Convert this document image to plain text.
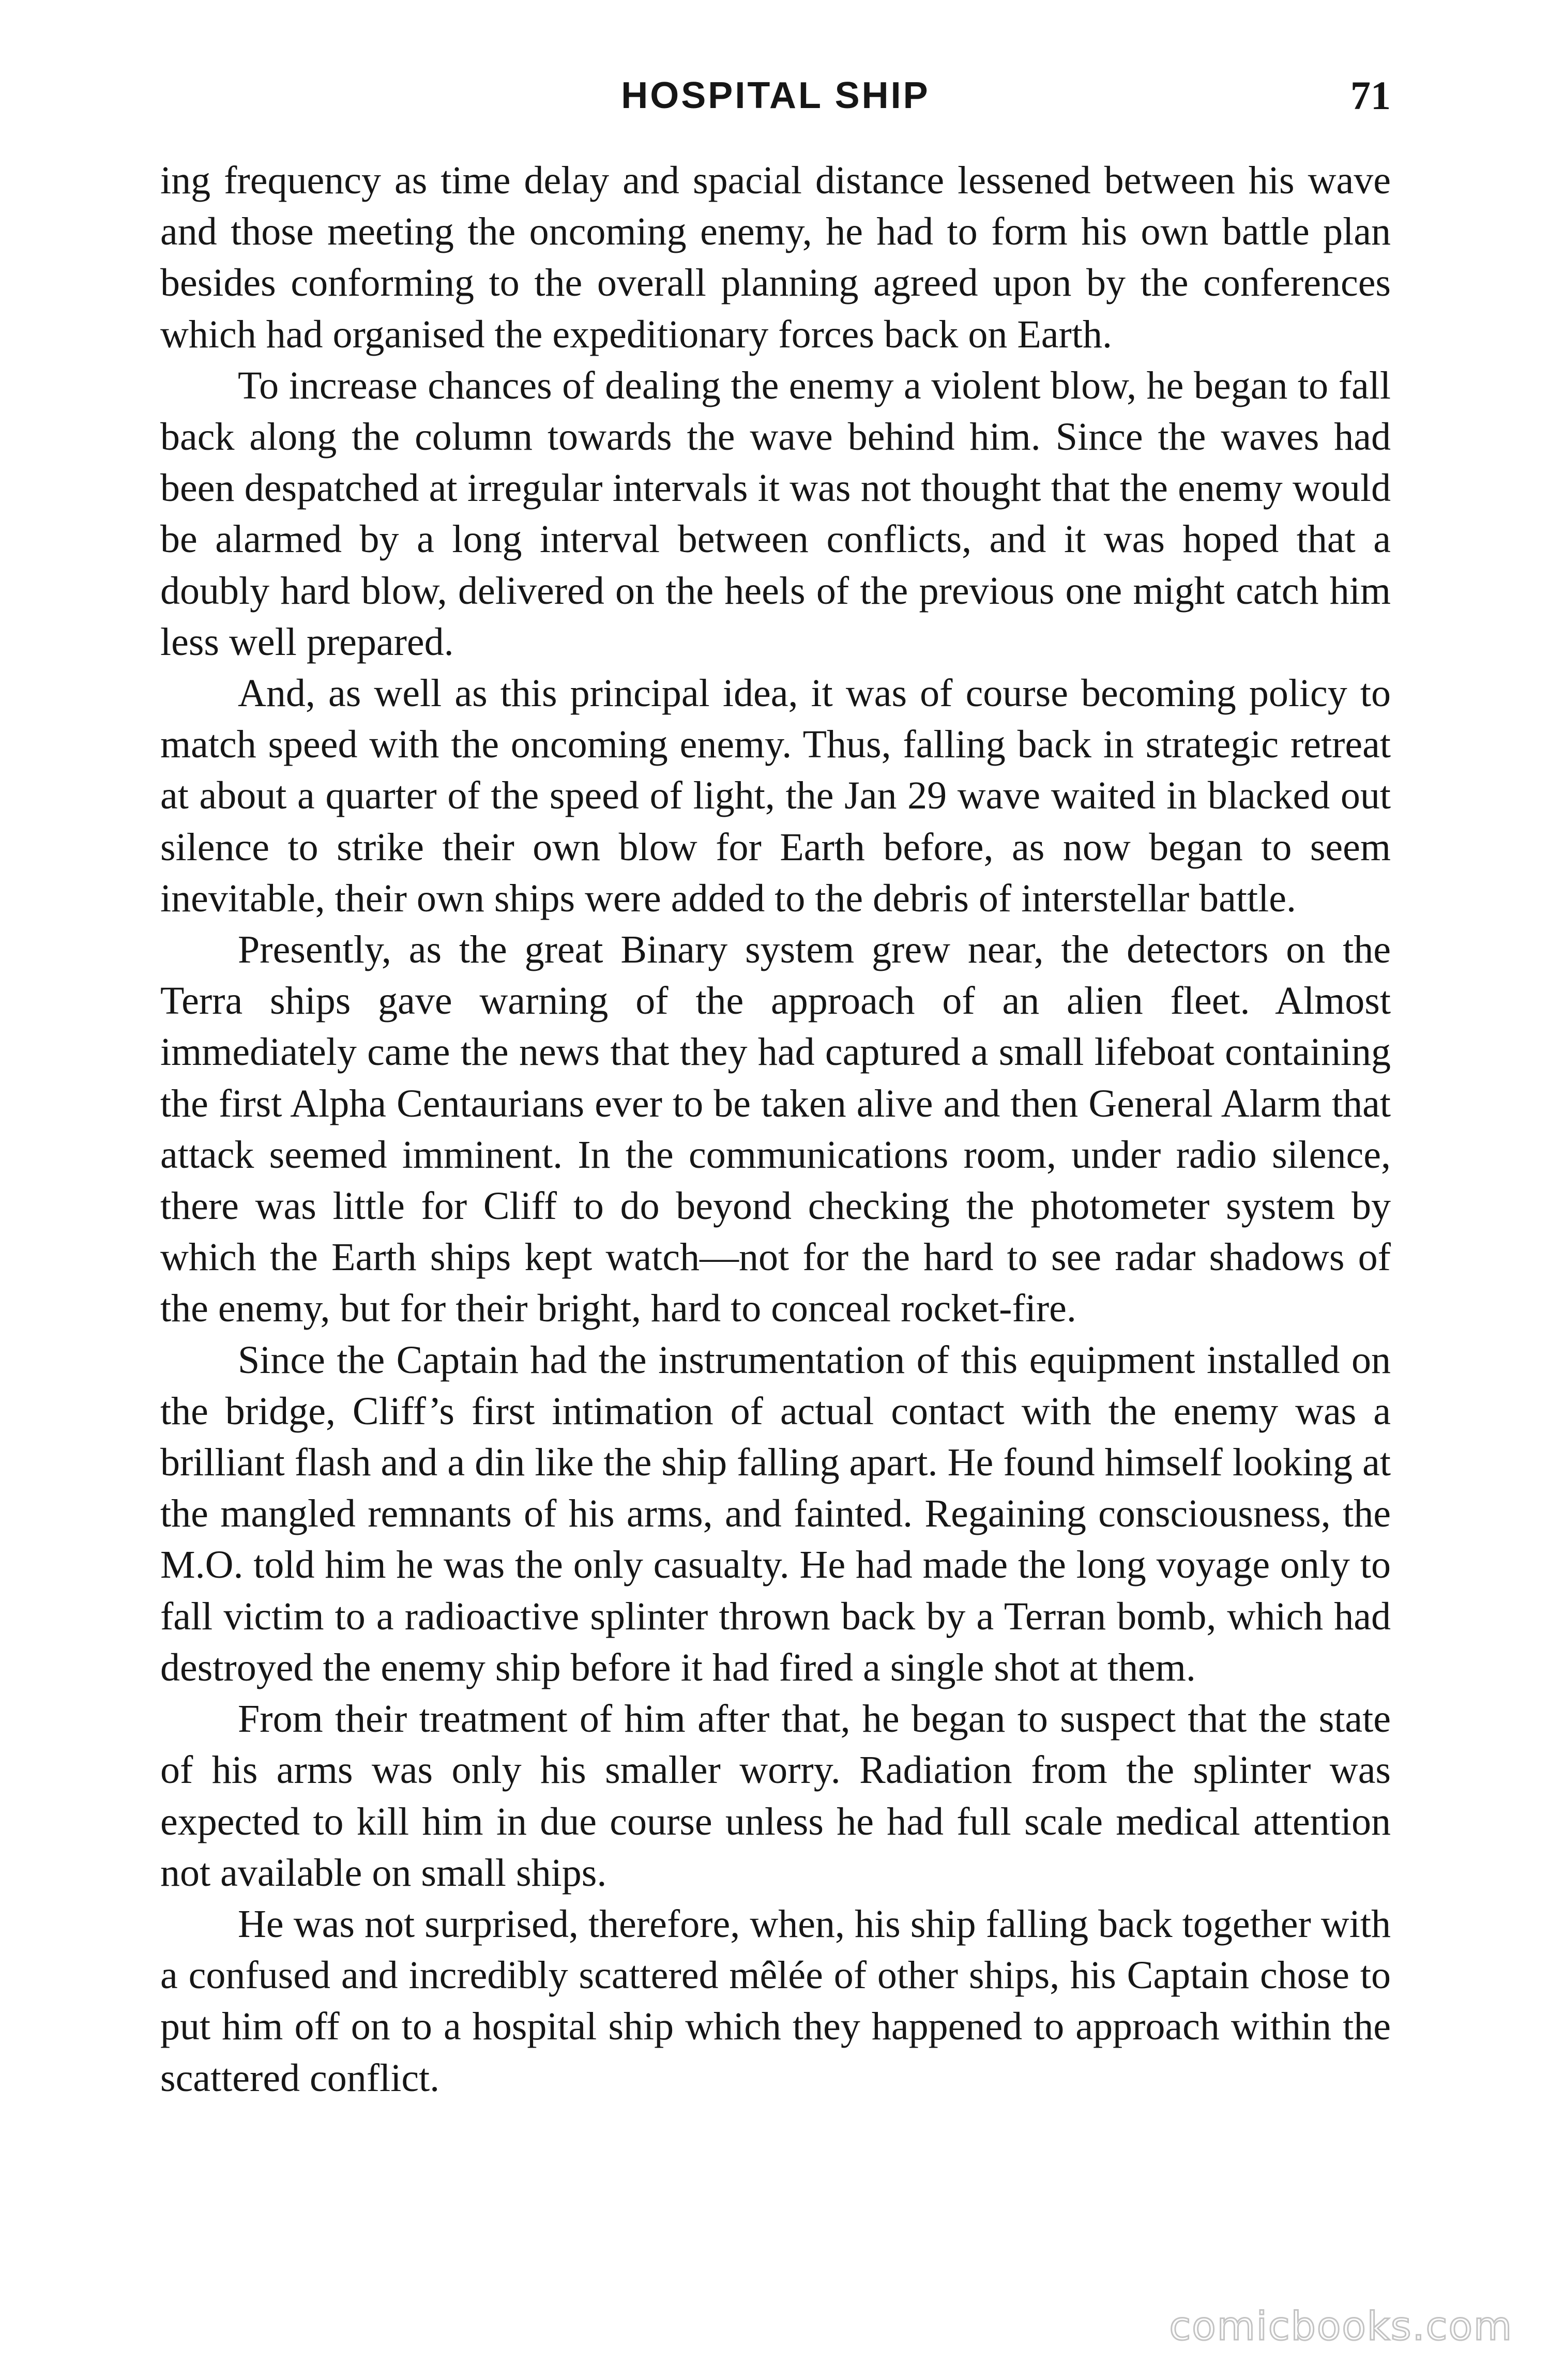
HOSPITAL SHIP	71

ing frequency as time delay and spacial distance lessened between his wave and those meeting the oncoming enemy, he had to form his own battle plan besides conforming to the overall planning agreed upon by the conferences which had organised the expeditionary forces back on Earth.

To increase chances of dealing the enemy a violent blow, he began to fall back along the column towards the wave behind him. Since the waves had been despatched at irregular intervals it was not thought that the enemy would be alarmed by a long interval between conflicts, and it was hoped that a doubly hard blow, delivered on the heels of the previous one might catch him less well prepared.

And, as well as this principal idea, it was of course becoming policy to match speed with the oncoming enemy. Thus, falling back in strategic retreat at about a quarter of the speed of light, the Jan 29 wave waited in blacked out silence to strike their own blow for Earth before, as now began to seem inevitable, their own ships were added to the debris of interstellar battle.

Presently, as the great Binary system grew near, the detectors on the Terra ships gave warning of the approach of an alien fleet. Almost immediately came the news that they had captured a small lifeboat containing the first Alpha Centaurians ever to be taken alive and then General Alarm that attack seemed imminent. In the communications room, under radio silence, there was little for Cliff to do beyond checking the photometer system by which the Earth ships kept watch—not for the hard to see radar shadows of the enemy, but for their bright, hard to conceal rocket-fire.

Since the Captain had the instrumentation of this equipment installed on the bridge, Cliff’s first intimation of actual contact with the enemy was a brilliant flash and a din like the ship falling apart. He found himself looking at the mangled remnants of his arms, and fainted. Regaining consciousness, the M.O. told him he was the only casualty. He had made the long voyage only to fall victim to a radioactive splinter thrown back by a Terran bomb, which had destroyed the enemy ship before it had fired a single shot at them.

From their treatment of him after that, he began to suspect that the state of his arms was only his smaller worry. Radiation from the splinter was expected to kill him in due course unless he had full scale medical attention not available on small ships.

He was not surprised, therefore, when, his ship falling back together with a confused and incredibly scattered mêlée of other ships, his Captain chose to put him off on to a hospital ship which they happened to approach within the scattered conflict.

comicbooks.com
